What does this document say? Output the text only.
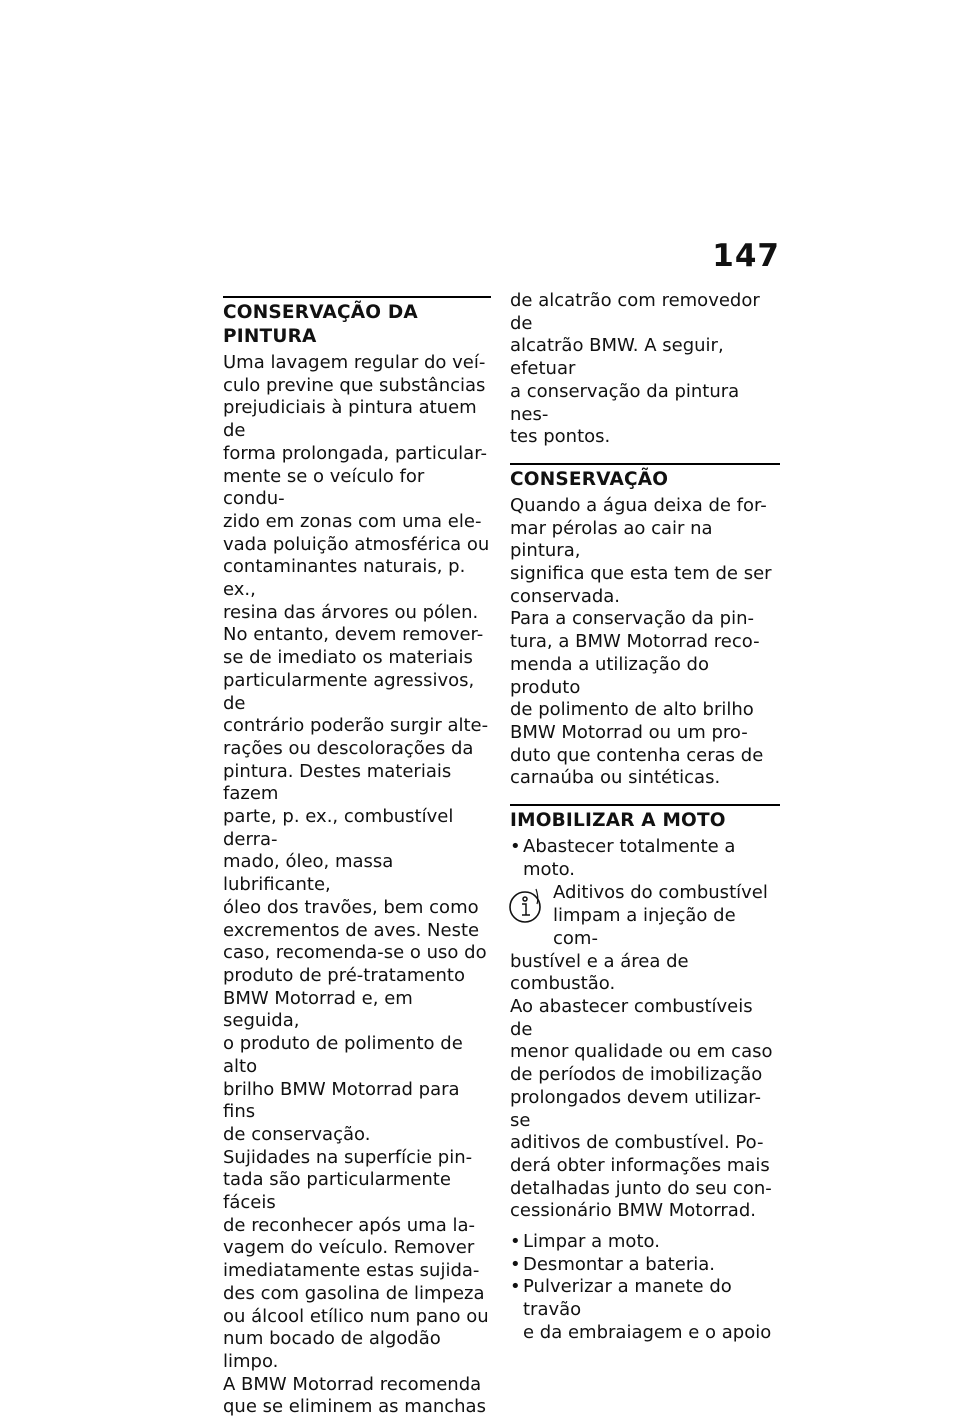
147
CONSERVAÇÃO DA PINTURA

Uma lavagem regular do veí-

culo previne que substâncias

prejudiciais à pintura atuem de

forma prolongada, particular-

mente se o veículo for condu-

zido em zonas com uma ele-

vada poluição atmosférica ou

contaminantes naturais, p. ex.,

resina das árvores ou pólen.

No entanto, devem remover-

se de imediato os materiais

particularmente agressivos, de

contrário poderão surgir alte-

rações ou descolorações da

pintura. Destes materiais fazem

parte, p. ex., combustível derra-

mado, óleo, massa lubrificante,

óleo dos travões, bem como

excrementos de aves. Neste

caso, recomenda-se o uso do

produto de pré-tratamento

BMW Motorrad e, em seguida,

o produto de polimento de alto

brilho BMW Motorrad para fins

de conservação.

Sujidades na superfície pin-

tada são particularmente fáceis

de reconhecer após uma la-

vagem do veículo. Remover

imediatamente estas sujida-

des com gasolina de limpeza

ou álcool etílico num pano ou

num bocado de algodão limpo.

A BMW Motorrad recomenda

que se eliminem as manchas

de alcatrão com removedor de

alcatrão BMW. A seguir, efetuar

a conservação da pintura nes-

tes pontos.

CONSERVAÇÃO

Quando a água deixa de for-

mar pérolas ao cair na pintura,

significa que esta tem de ser

conservada.

Para a conservação da pin-

tura, a BMW Motorrad reco-

menda a utilização do produto

de polimento de alto brilho

BMW Motorrad ou um pro-

duto que contenha ceras de

carnaúba ou sintéticas.

IMOBILIZAR A MOTO
• Abastecer totalmente a moto.

Aditivos do combustível

limpam a injeção de com-

bustível e a área de combustão.

Ao abastecer combustíveis de

menor qualidade ou em caso

de períodos de imobilização

prolongados devem utilizar-se

aditivos de combustível. Po-

derá obter informações mais

detalhadas junto do seu con-

cessionário BMW Motorrad.

• Limpar a moto.
• Desmontar a bateria.
• Pulverizar a manete do travão
e da embraiagem e o apoio
